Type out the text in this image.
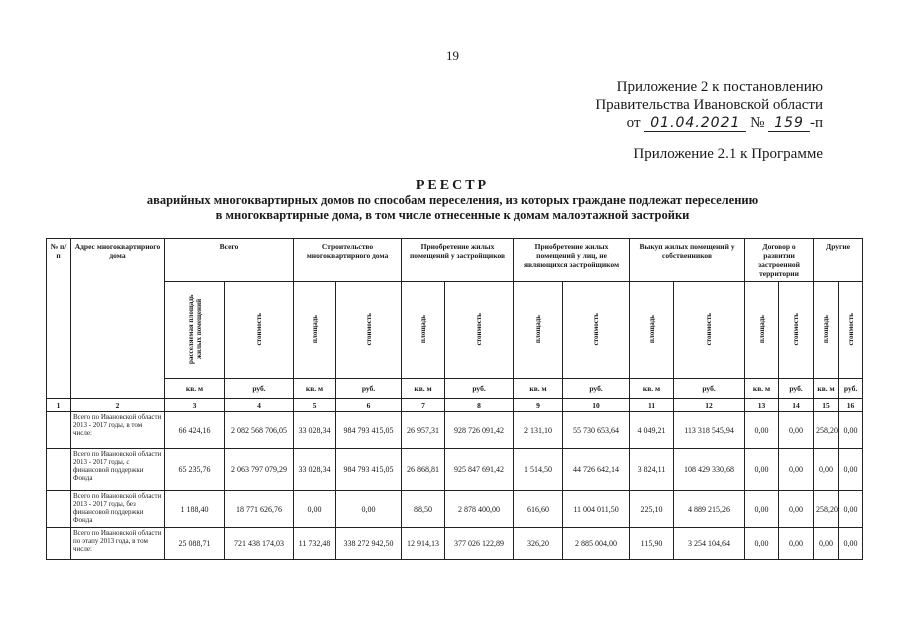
19
Приложение 2 к постановлению
Правительства Ивановской области
от 01.04.2021 № 159 -п
Приложение 2.1 к Программе
РЕЕСТР
аварийных многоквартирных домов по способам переселения, из которых граждане подлежат переселению
в многоквартирные дома, в том числе отнесенные к домам малоэтажной застройки
№ п/п	Адрес многоквартирного дома	Всего		Строительство многоквартирного дома		Приобретение жилых помещений у застройщиков		Приобретение жилых помещений у лиц, не являющихся застройщиком		Выкуп жилых помещений у собственников		Договор о развитии застроенной территории		Другие	
		расселяемая площадь жилых помещений	стоимость	площадь	стоимость	площадь	стоимость	площадь	стоимость	площадь	стоимость	площадь	стоимость	площадь	стоимость
		кв. м	руб.	кв. м	руб.	кв. м	руб.	кв. м	руб.	кв. м	руб.	кв. м	руб.	кв. м	руб.
1	2	3	4	5	6	7	8	9	10	11	12	13	14	15	16
	Всего по Ивановской области 2013 - 2017 годы, в том числе:	66 424,16	2 082 568 706,05	33 028,34	984 793 415,05	26 957,31	928 726 091,42	2 131,10	55 730 653,64	4 049,21	113 318 545,94	0,00	0,00	258,20	0,00
	Всего по Ивановской области 2013 - 2017 годы, с финансовой поддержки Фонда	65 235,76	2 063 797 079,29	33 028,34	984 793 415,05	26 868,81	925 847 691,42	1 514,50	44 726 642,14	3 824,11	108 429 330,68	0,00	0,00	0,00	0,00
	Всего по Ивановской области 2013 - 2017 годы, без финансовой поддержки Фонда	1 188,40	18 771 626,76	0,00	0,00	88,50	2 878 400,00	616,60	11 004 011,50	225,10	4 889 215,26	0,00	0,00	258,20	0,00
	Всего по Ивановской области по этапу 2013 года, в том числе:	25 088,71	721 438 174,03	11 732,48	338 272 942,50	12 914,13	377 026 122,89	326,20	2 885 004,00	115,90	3 254 104,64	0,00	0,00	0,00	0,00
